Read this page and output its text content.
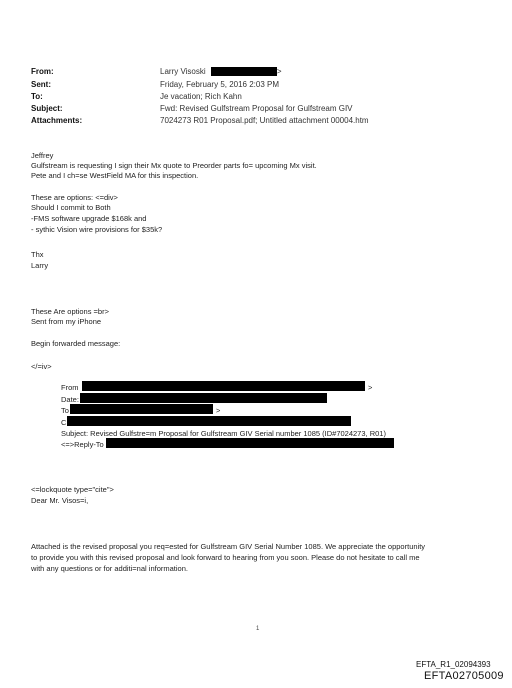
From:	Larry Visoski	>
Sent:	Friday, February 5, 2016 2:03 PM
To:	Je vacation; Rich Kahn
Subject:	Fwd: Revised Gulfstream Proposal for Gulfstream GIV
Attachments:	7024273 R01 Proposal.pdf; Untitled attachment 00004.htm
Jeffrey
Gulfstream is requesting I sign their Mx quote to Preorder parts fo= upcoming Mx visit.
Pete and I ch=se WestField MA for this inspection.
These are options: <=div>
Should I commit to Both
-FMS software upgrade $168k and
- sythic Vision wire provisions for $35k?
Thx
Larry
These Are options =br>
Sent from my iPhone
Begin forwarded message:
</=iv>
From	>
Date:
To	>
C
Subject: Revised Gulfstre=m Proposal for Gulfstream GIV Serial number 1085 (ID#7024273, R01)
<=>Reply-To
<=lockquote type="cite">
Dear Mr. Visos=i,
Attached is the revised proposal you req=ested for Gulfstream GIV Serial Number 1085. We appreciate the opportunity
to provide you with this revised proposal and look forward to hearing from you soon. Please do not hesitate to call me
with any questions or for additi=nal information.
1
EFTA_R1_02094393
EFTA02705009
